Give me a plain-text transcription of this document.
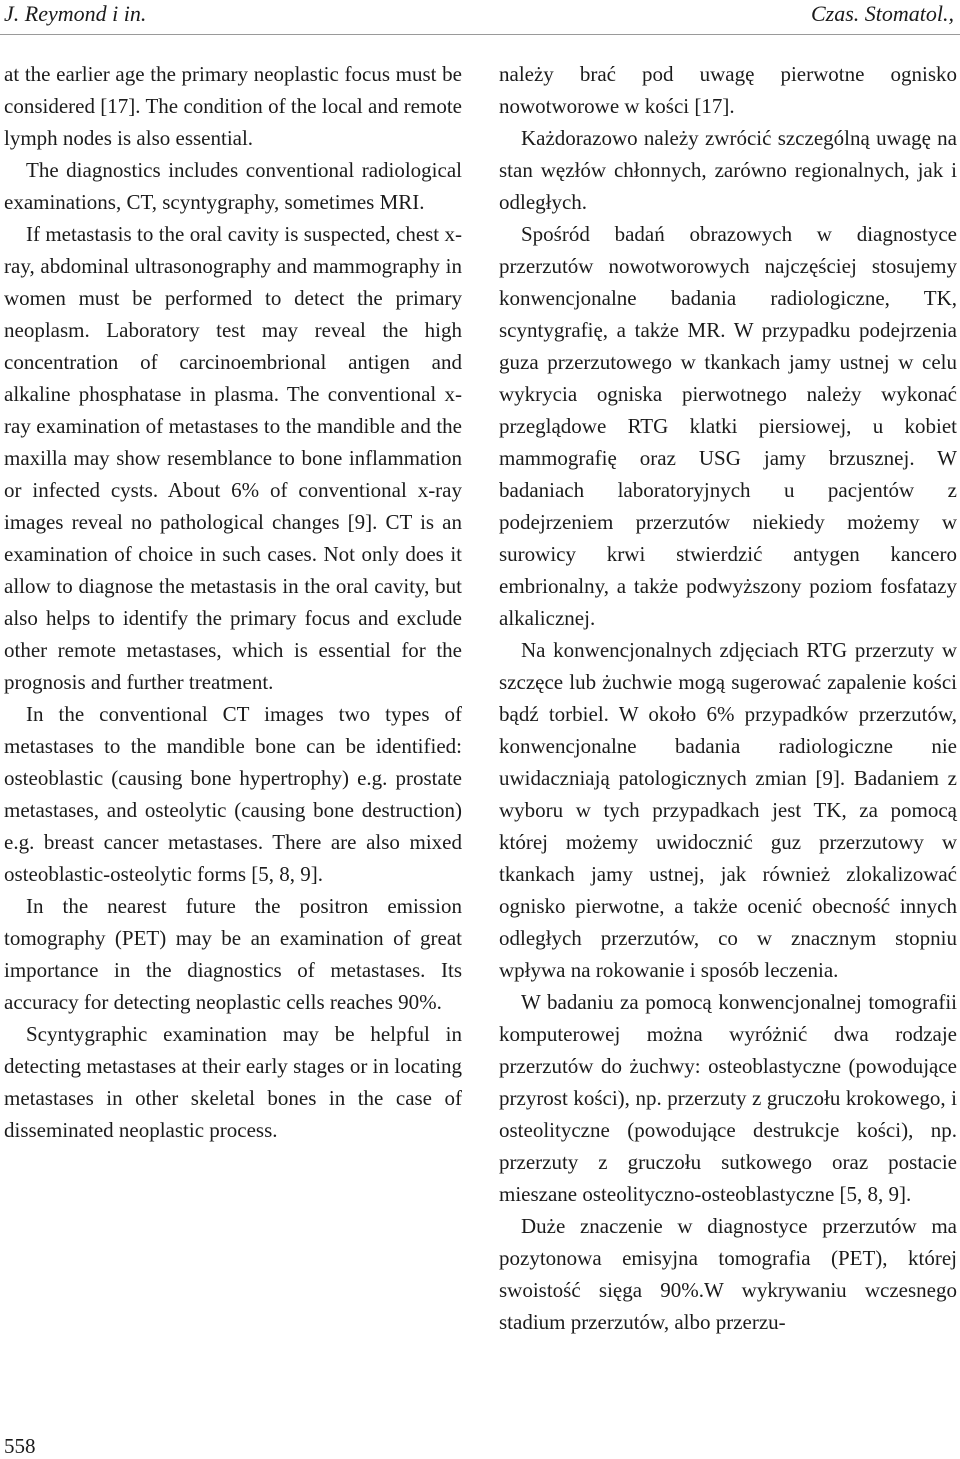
J. Reymond i in.	Czas. Stomatol.,

at the earlier age the primary neoplastic focus must be considered [17]. The condition of the local and remote lymph nodes is also essential.

The diagnostics includes conventional radiological examinations, CT, scyntygraphy, sometimes MRI.

If metastasis to the oral cavity is suspected, chest x-ray, abdominal ultrasonography and mammography in women must be performed to detect the primary neoplasm. Laboratory test may reveal the high concentration of carcinoembrional antigen and alkaline phosphatase in plasma. The conventional x-ray examination of metastases to the mandible and the maxilla may show resemblance to bone inflammation or infected cysts. About 6% of conventional x-ray images reveal no pathological changes [9]. CT is an examination of choice in such cases. Not only does it allow to diagnose the metastasis in the oral cavity, but also helps to identify the primary focus and exclude other remote metastases, which is essential for the prognosis and further treatment.

In the conventional CT images two types of metastases to the mandible bone can be identified: osteoblastic (causing bone hypertrophy) e.g. prostate metastases, and osteolytic (causing bone destruction) e.g. breast cancer metastases. There are also mixed osteoblastic-osteolytic forms [5, 8, 9].

In the nearest future the positron emission tomography (PET) may be an examination of great importance in the diagnostics of metastases. Its accuracy for detecting neoplastic cells reaches 90%.

Scyntygraphic examination may be helpful in detecting metastases at their early stages or in locating metastases in other skeletal bones in the case of disseminated neoplastic process.

należy brać pod uwagę pierwotne ognisko nowotworowe w kości [17].

Każdorazowo należy zwrócić szczególną uwagę na stan węzłów chłonnych, zarówno regionalnych, jak i odległych.

Spośród badań obrazowych w diagnostyce przerzutów nowotworowych najczęściej stosujemy konwencjonalne badania radiologiczne, TK, scyntygrafię, a także MR. W przypadku podejrzenia guza przerzutowego w tkankach jamy ustnej w celu wykrycia ogniska pierwotnego należy wykonać przeglądowe RTG klatki piersiowej, u kobiet mammografię oraz USG jamy brzusznej. W badaniach laboratoryjnych u pacjentów z podejrzeniem przerzutów niekiedy możemy w surowicy krwi stwierdzić antygen kancero embrionalny, a także podwyższony poziom fosfatazy alkalicznej.

Na konwencjonalnych zdjęciach RTG przerzuty w szczęce lub żuchwie mogą sugerować zapalenie kości bądź torbiel. W około 6% przypadków przerzutów, konwencjonalne badania radiologiczne nie uwidaczniają patologicznych zmian [9]. Badaniem z wyboru w tych przypadkach jest TK, za pomocą której możemy uwidocznić guz przerzutowy w tkankach jamy ustnej, jak również zlokalizować ognisko pierwotne, a także ocenić obecność innych odległych przerzutów, co w znacznym stopniu wpływa na rokowanie i sposób leczenia.

W badaniu za pomocą konwencjonalnej tomografii komputerowej można wyróżnić dwa rodzaje przerzutów do żuchwy: osteoblastyczne (powodujące przyrost kości), np. przerzuty z gruczołu krokowego, i osteolityczne (powodujące destrukcje kości), np. przerzuty z gruczołu sutkowego oraz postacie mieszane osteolityczno-osteoblastyczne [5, 8, 9].

Duże znaczenie w diagnostyce przerzutów ma pozytonowa emisyjna tomografia (PET), której swoistość sięga 90%.W wykrywaniu wczesnego stadium przerzutów, albo przerzu-

558
